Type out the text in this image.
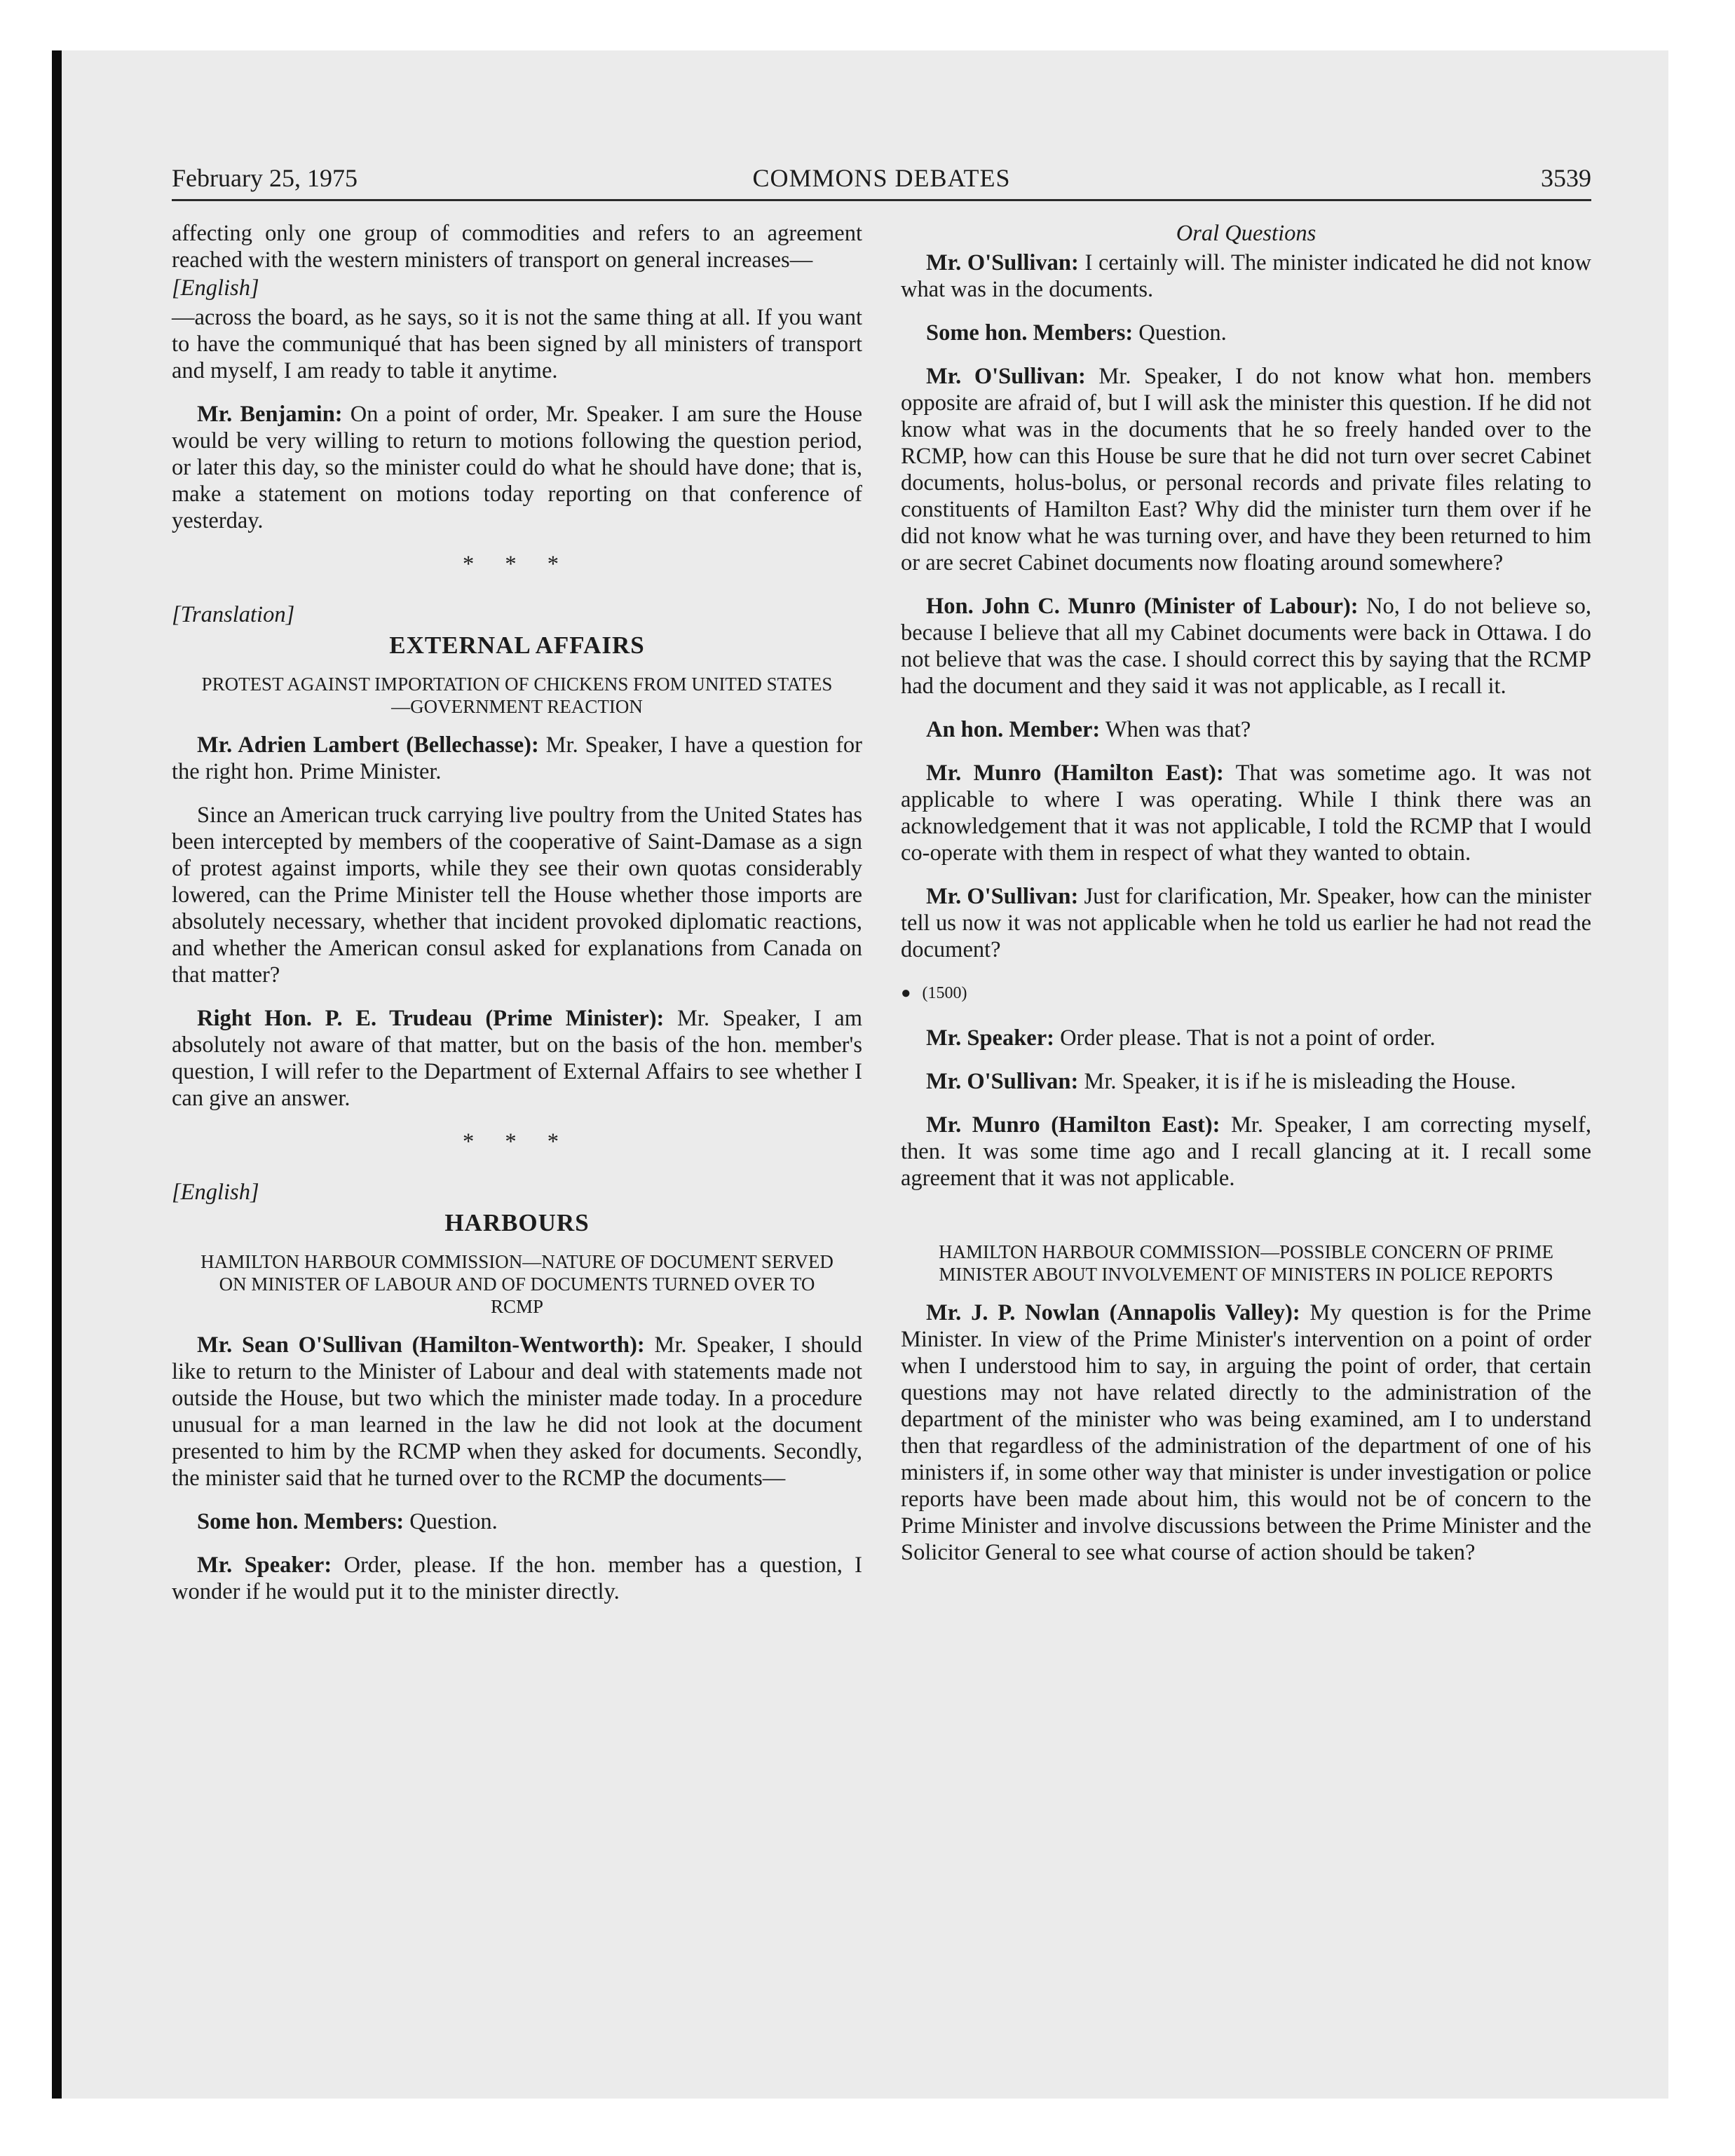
February 25, 1975	COMMONS DEBATES	3539

affecting only one group of commodities and refers to an agreement reached with the western ministers of transport on general increases—

[English]

—across the board, as he says, so it is not the same thing at all. If you want to have the communiqué that has been signed by all ministers of transport and myself, I am ready to table it anytime.

Mr. Benjamin: On a point of order, Mr. Speaker. I am sure the House would be very willing to return to motions following the question period, or later this day, so the minister could do what he should have done; that is, make a statement on motions today reporting on that conference of yesterday.

* * *
[Translation]
EXTERNAL AFFAIRS
PROTEST AGAINST IMPORTATION OF CHICKENS FROM UNITED STATES—GOVERNMENT REACTION

Mr. Adrien Lambert (Bellechasse): Mr. Speaker, I have a question for the right hon. Prime Minister.

Since an American truck carrying live poultry from the United States has been intercepted by members of the cooperative of Saint-Damase as a sign of protest against imports, while they see their own quotas considerably lowered, can the Prime Minister tell the House whether those imports are absolutely necessary, whether that incident provoked diplomatic reactions, and whether the American consul asked for explanations from Canada on that matter?

Right Hon. P. E. Trudeau (Prime Minister): Mr. Speaker, I am absolutely not aware of that matter, but on the basis of the hon. member's question, I will refer to the Department of External Affairs to see whether I can give an answer.

* * *
[English]
HARBOURS
HAMILTON HARBOUR COMMISSION—NATURE OF DOCUMENT SERVED ON MINISTER OF LABOUR AND OF DOCUMENTS TURNED OVER TO RCMP

Mr. Sean O'Sullivan (Hamilton-Wentworth): Mr. Speaker, I should like to return to the Minister of Labour and deal with statements made not outside the House, but two which the minister made today. In a procedure unusual for a man learned in the law he did not look at the document presented to him by the RCMP when they asked for documents. Secondly, the minister said that he turned over to the RCMP the documents—

Some hon. Members: Question.

Mr. Speaker: Order, please. If the hon. member has a question, I wonder if he would put it to the minister directly.

Oral Questions

Mr. O'Sullivan: I certainly will. The minister indicated he did not know what was in the documents.

Some hon. Members: Question.

Mr. O'Sullivan: Mr. Speaker, I do not know what hon. members opposite are afraid of, but I will ask the minister this question. If he did not know what was in the documents that he so freely handed over to the RCMP, how can this House be sure that he did not turn over secret Cabinet documents, holus-bolus, or personal records and private files relating to constituents of Hamilton East? Why did the minister turn them over if he did not know what he was turning over, and have they been returned to him or are secret Cabinet documents now floating around somewhere?

Hon. John C. Munro (Minister of Labour): No, I do not believe so, because I believe that all my Cabinet documents were back in Ottawa. I do not believe that was the case. I should correct this by saying that the RCMP had the document and they said it was not applicable, as I recall it.

An hon. Member: When was that?

Mr. Munro (Hamilton East): That was sometime ago. It was not applicable to where I was operating. While I think there was an acknowledgement that it was not applicable, I told the RCMP that I would co-operate with them in respect of what they wanted to obtain.

Mr. O'Sullivan: Just for clarification, Mr. Speaker, how can the minister tell us now it was not applicable when he told us earlier he had not read the document?

● (1500)

Mr. Speaker: Order please. That is not a point of order.

Mr. O'Sullivan: Mr. Speaker, it is if he is misleading the House.

Mr. Munro (Hamilton East): Mr. Speaker, I am correcting myself, then. It was some time ago and I recall glancing at it. I recall some agreement that it was not applicable.

HAMILTON HARBOUR COMMISSION—POSSIBLE CONCERN OF PRIME MINISTER ABOUT INVOLVEMENT OF MINISTERS IN POLICE REPORTS

Mr. J. P. Nowlan (Annapolis Valley): My question is for the Prime Minister. In view of the Prime Minister's intervention on a point of order when I understood him to say, in arguing the point of order, that certain questions may not have related directly to the administration of the department of the minister who was being examined, am I to understand then that regardless of the administration of the department of one of his ministers if, in some other way that minister is under investigation or police reports have been made about him, this would not be of concern to the Prime Minister and involve discussions between the Prime Minister and the Solicitor General to see what course of action should be taken?
